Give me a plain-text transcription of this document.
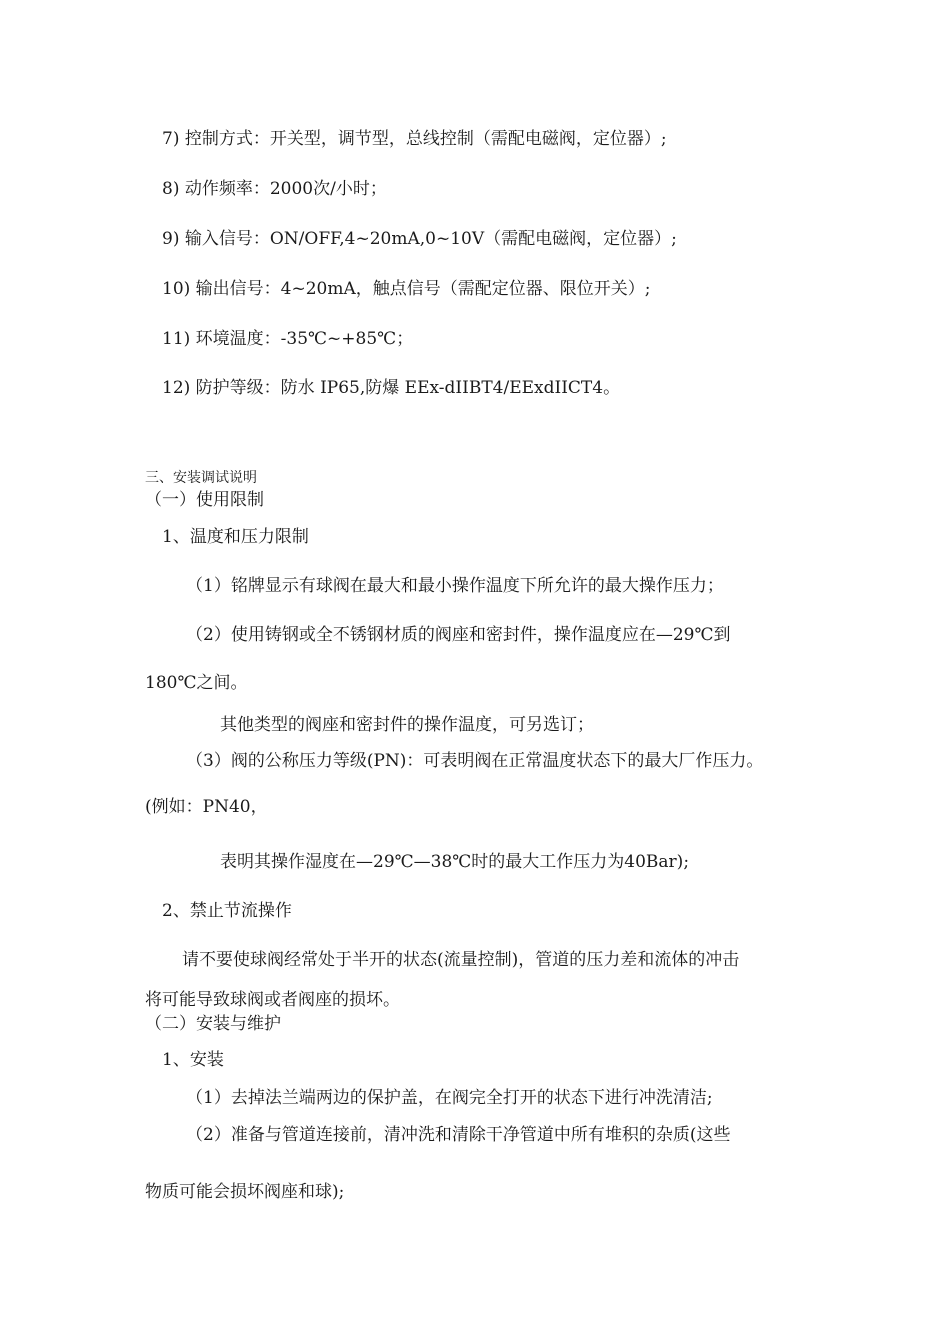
7) 控制方式：开关型，调节型，总线控制（需配电磁阀，定位器）;
8) 动作频率：2000次/小时；
9) 输入信号：ON/OFF,4~20mA,0~10V（需配电磁阀，定位器）;
10) 输出信号：4~20mA，触点信号（需配定位器、限位开关）;
11) 环境温度：-35℃~+85℃；
12) 防护等级：防水 IP65,防爆 EEx-dIIBT4/EExdIICT4。
三、安装调试说明
（一）使用限制
1、温度和压力限制
（1）铭牌显示有球阀在最大和最小操作温度下所允许的最大操作压力；
（2）使用铸钢或全不锈钢材质的阀座和密封件，操作温度应在—29℃到
180℃之间。
其他类型的阀座和密封件的操作温度，可另选订；
（3）阀的公称压力等级(PN)：可表明阀在正常温度状态下的最大厂作压力。
(例如：PN40，
表明其操作湿度在—29℃—38℃时的最大工作压力为40Bar);
2、禁止节流操作
请不要使球阀经常处于半开的状态(流量控制)，管道的压力差和流体的冲击
将可能导致球阀或者阀座的损坏。
（二）安装与维护
1、安装
（1）去掉法兰端两边的保护盖，在阀完全打开的状态下进行冲洗清洁;
（2）准备与管道连接前，清冲洗和清除干净管道中所有堆积的杂质(这些
物质可能会损坏阀座和球);
